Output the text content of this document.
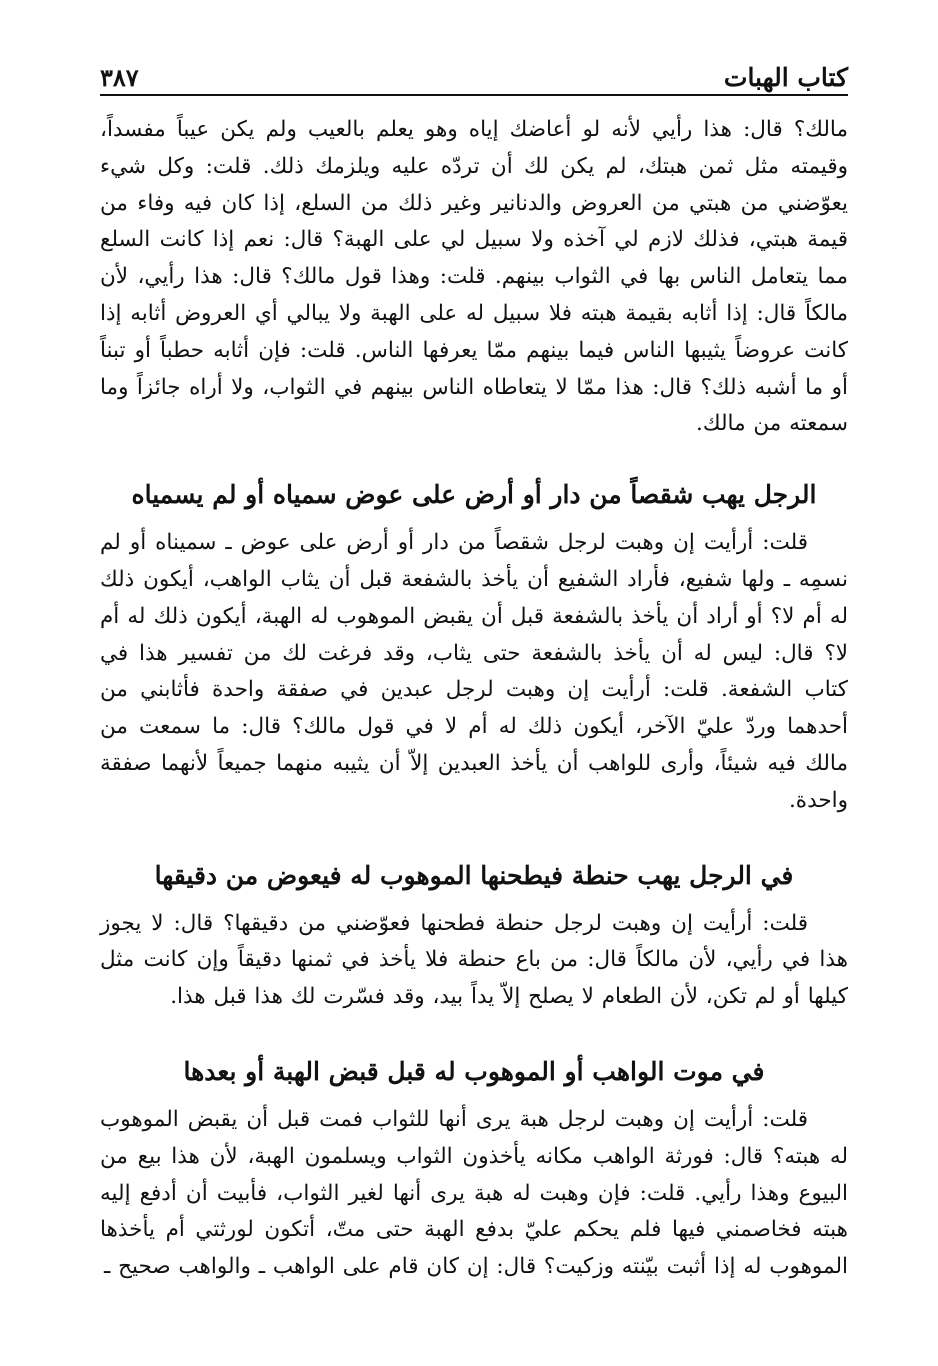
كتاب الهبات
٣٨٧

مالك؟ قال: هذا رأيي لأنه لو أعاضك إياه وهو يعلم بالعيب ولم يكن عيباً مفسداً، وقيمته مثل ثمن هبتك، لم يكن لك أن تردّه عليه ويلزمك ذلك. قلت: وكل شيء يعوّضني من هبتي من العروض والدنانير وغير ذلك من السلع، إذا كان فيه وفاء من قيمة هبتي، فذلك لازم لي آخذه ولا سبيل لي على الهبة؟ قال: نعم إذا كانت السلع مما يتعامل الناس بها في الثواب بينهم. قلت: وهذا قول مالك؟ قال: هذا رأيي، لأن مالكاً قال: إذا أثابه بقيمة هبته فلا سبيل له على الهبة ولا يبالي أي العروض أثابه إذا كانت عروضاً يثيبها الناس فيما بينهم ممّا يعرفها الناس. قلت: فإن أثابه حطباً أو تبناً أو ما أشبه ذلك؟ قال: هذا ممّا لا يتعاطاه الناس بينهم في الثواب، ولا أراه جائزاً وما سمعته من مالك.

الرجل يهب شقصاً من دار أو أرض على عوض سمياه أو لم يسمياه

قلت: أرأيت إن وهبت لرجل شقصاً من دار أو أرض على عوض ـ سميناه أو لم نسمِه ـ ولها شفيع، فأراد الشفيع أن يأخذ بالشفعة قبل أن يثاب الواهب، أيكون ذلك له أم لا؟ أو أراد أن يأخذ بالشفعة قبل أن يقبض الموهوب له الهبة، أيكون ذلك له أم لا؟ قال: ليس له أن يأخذ بالشفعة حتى يثاب، وقد فرغت لك من تفسير هذا في كتاب الشفعة. قلت: أرأيت إن وهبت لرجل عبدين في صفقة واحدة فأثابني من أحدهما وردّ عليّ الآخر، أيكون ذلك له أم لا في قول مالك؟ قال: ما سمعت من مالك فيه شيئاً، وأرى للواهب أن يأخذ العبدين إلاّ أن يثيبه منهما جميعاً لأنهما صفقة واحدة.

في الرجل يهب حنطة فيطحنها الموهوب له فيعوض من دقيقها

قلت: أرأيت إن وهبت لرجل حنطة فطحنها فعوّضني من دقيقها؟ قال: لا يجوز هذا في رأيي، لأن مالكاً قال: من باع حنطة فلا يأخذ في ثمنها دقيقاً وإن كانت مثل كيلها أو لم تكن، لأن الطعام لا يصلح إلاّ يداً بيد، وقد فسّرت لك هذا قبل هذا.

في موت الواهب أو الموهوب له قبل قبض الهبة أو بعدها

قلت: أرأيت إن وهبت لرجل هبة يرى أنها للثواب فمت قبل أن يقبض الموهوب له هبته؟ قال: فورثة الواهب مكانه يأخذون الثواب ويسلمون الهبة، لأن هذا بيع من البيوع وهذا رأيي. قلت: فإن وهبت له هبة يرى أنها لغير الثواب، فأبيت أن أدفع إليه هبته فخاصمني فيها فلم يحكم عليّ بدفع الهبة حتى متّ، أتكون لورثتي أم يأخذها الموهوب له إذا أثبت بيّنته وزكيت؟ قال: إن كان قام على الواهب ـ والواهب صحيح ـ
